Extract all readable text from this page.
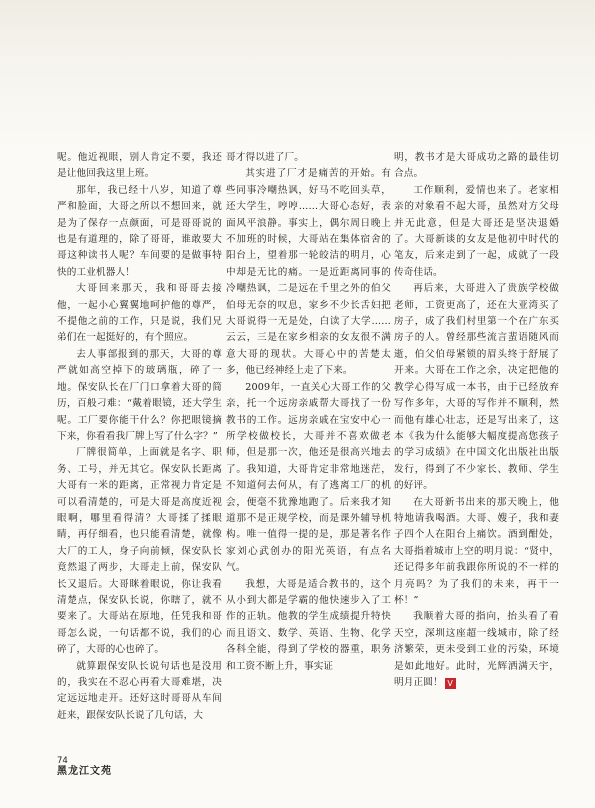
呢。他近视眼，别人肯定不要，我还是让他回我这里上班。

那年，我已经十八岁，知道了尊严和脸面，大哥之所以不想回来，就是为了保存一点颜面，可是哥哥说的也是有道理的，除了哥哥，谁敢要大哥这种读书人呢？车间要的是做事特快的工业机器人！

大哥回来那天，我和哥哥去接他，一起小心翼翼地呵护他的尊严，不提他之前的工作，只是说，我们兄弟们在一起挺好的，有个照应。

去人事部报到的那天，大哥的尊严就如高空掉下的玻璃瓶，碎了一地。保安队长在厂门口拿着大哥的简历，百般刁难：“戴着眼镜，还大学生呢。工厂要你能干什么？你把眼镜摘下来，你看看我厂牌上写了什么字？”

厂牌很简单，上面就是名字、职务、工号，并无其它。保安队长距离大哥有一米的距离，正常视力肯定是可以看清楚的，可是大哥是高度近视眼啊，哪里看得清？大哥揉了揉眼睛，再仔细看，也只能看清楚，就像大厂的工人，身子向前倾，保安队长竟然退了两步，大哥走上前，保安队长又退后。大哥眯着眼说，你让我看清楚点，保安队长说，你瞎了，就不要来了。大哥站在原地，任凭我和哥哥怎么说，一句话都不说，我们的心碎了，大哥的心也碎了。

就算跟保安队长说句话也是没用的，我实在不忍心再看大哥难堪，决定远远地走开。还好这时哥哥从车间赶来，跟保安队长说了几句话，大

哥才得以进了厂。

其实进了厂才是痛苦的开始。有些同事冷嘲热讽，好马不吃回头草，还大学生，哼哼……大哥心态好，表面风平浪静。事实上，偶尔周日晚上不加班的时候，大哥站在集体宿舍的阳台上，望着那一轮皎洁的明月，心中却是无比的痛。一是近距离同事的冷嘲热讽，二是远在千里之外的伯父伯母无奈的叹息，家乡不少长舌妇把大哥说得一无是处，白读了大学……云云，三是在家乡相亲的女友很不满意大哥的现状。大哥心中的苦楚太多，他已经神经上走了下来。

2009年，一直关心大哥工作的父亲，托一个远房亲戚帮大哥找了一份教书的工作。远房亲戚在宝安中心一所学校做校长，大哥并不喜欢做老师，但是那一次，他还是很高兴地去了。我知道，大哥肯定非常地迷茫，不知道何去何从，有了逃离工厂的机会，便毫不犹豫地跑了。后来我才知道那不是正规学校，而是课外辅导机构。唯一值得一提的是，那是著名作家刘心武创办的阳光英语，有点名气。

我想，大哥是适合教书的，这个从小到大都是学霸的他快速步入了工作的正轨。他教的学生成绩提升特快而且语文、数学、英语、生物、化学各科全能，得到了学校的器重，职务和工资不断上升，事实证

明，教书才是大哥成功之路的最佳切合点。

工作顺利，爱情也来了。老家相亲的对象看不起大哥，虽然对方父母并无此意，但是大哥还是坚决退婚了。大哥新谈的女友是他初中时代的笔友，后来走到了一起，成就了一段传奇佳话。

再后来，大哥进入了贵族学校做老师，工资更高了，还在大亚湾买了房子，成了我们村里第一个在广东买房子的人。曾经那些流言蜚语随风而逝，伯父伯母紧锁的眉头终于舒展了开来。大哥在工作之余，决定把他的教学心得写成一本书，由于已经放弃写作多年，大哥的写作并不顺利，然而他有雄心壮志，还是写出来了，这本《我为什么能够大幅度提高您孩子的学习成绩》在中国文化出版社出版发行，得到了不少家长、教师、学生的好评。

在大哥新书出来的那天晚上，他特地请我喝酒。大哥、嫂子，我和妻子四个人在阳台上痛饮。酒到酣处，大哥指着城市上空的明月说：“贤中，还记得多年前我跟你所说的不一样的月亮吗？为了我们的未来，再干一杯！”

我顺着大哥的指向，抬头看了看天空，深圳这座超一线城市，除了经济繁荣，更未受到工业的污染，环境是如此地好。此时，光辉洒满天宇，明月正圆！ V

74
黑龙江文苑
